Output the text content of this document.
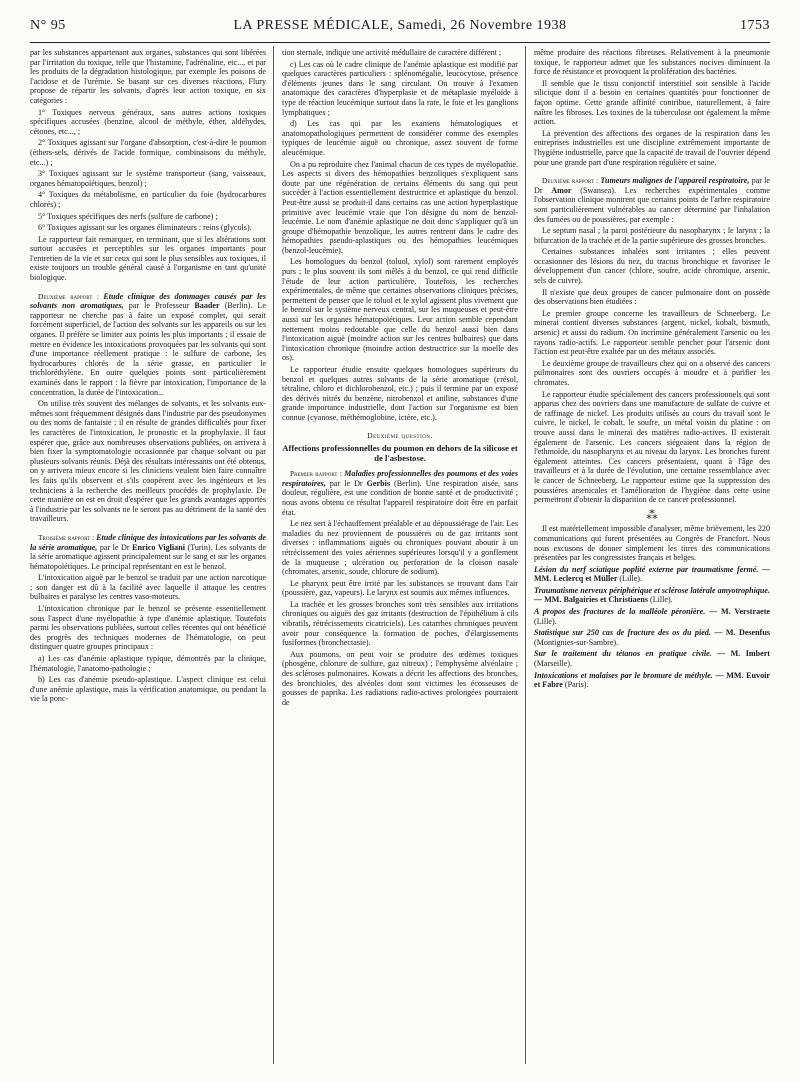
N° 95	LA PRESSE MÉDICALE, Samedi, 26 Novembre 1938	1753

par les substances appartenant aux organes, substances qui sont libérées par l'irritation du toxique, telle que l'histamine, l'adrénaline, etc..., et par les produits de la dégradation histologique, par exemple les poisons de l'acidose et de l'urémie. Se basant sur ces diverses réactions, Flury propose de répartir les solvants, d'après leur action toxique, en six catégories :

1° Toxiques nerveux généraux, sans autres actions toxiques spécifiques accusées (benzine, alcool de méthyle, éther, aldéhydes, cétones, etc..., ;

2° Toxiques agissant sur l'organe d'absorption, c'est-à-dire le poumon (éthers-sels, dérivés de l'acide formique, combinaisons du méthyle, etc...) ;

3° Toxiques agissant sur le système transporteur (sang, vaisseaux, organes hématopoïétiques, benzol) ;

4° Toxiques du métabolisme, en particulier du foie (hydrocarbures chlorés) ;

5° Toxiques spécifiques des nerfs (sulfure de carbone) ;

6° Toxiques agissant sur les organes éliminateurs : reins (glycols).

Le rapporteur fait remarquer, en terminant, que si les altérations sont surtout accusées et perceptibles sur les organes importants pour l'entretien de la vie et sur ceux qui sont le plus sensibles aux toxiques, il existe toujours un trouble général causé à l'organisme en tant qu'unité biologique.

Deuxième rapport : Etude clinique des dommages causés par les solvants non aromatiques, par le Professeur Baader (Berlin). Le rapporteur ne cherche pas à faire un exposé complet, qui serait forcément superficiel, de l'action des solvants sur les appareils ou sur les organes. Il préfère se limiter aux points les plus importants ; il essaie de mettre en évidence les intoxications provoquées par les solvants qui sont d'une importance réellement pratique : le sulfure de carbone, les hydrocarbures chlorés de la série grasse, en particulier le trichloréthylène. En outre quelques points sont particulièrement examinés dans le rapport : la fièvre par intoxication, l'importance de la concentration, la durée de l'intoxication...

On utilise très souvent des mélanges de solvants, et les solvants eux-mêmes sont fréquemment désignés dans l'industrie par des pseudonymes ou des noms de fantaisie ; il en résulte de grandes difficultés pour fixer les caractères de l'intoxication, le pronostic et la prophylaxie. Il faut espérer que, grâce aux nombreuses observations publiées, on arrivera à bien fixer la symptomatologie occasionnée par chaque solvant ou par plusieurs solvants réunis. Déjà des résultats intéressants ont été obtenus, on y arrivera mieux encore si les cliniciens veulent bien faire connaître les faits qu'ils observent et s'ils coopèrent avec les ingénieurs et les techniciens à la recherche des meilleurs procédés de prophylaxie. De cette manière on est en droit d'espérer que les grands avantages apportés à l'industrie par les solvants ne le seront pas au détriment de la santé des travailleurs.

Troisième rapport : Etude clinique des intoxications par les solvants de la série aromatique, par le Dr Enrico Vigliani (Turin). Les solvants de la série aromatique agissent principalement sur le sang et sur les organes hématopoïétiques. Le principal représentant en est le benzol.

L'intoxication aiguë par le benzol se traduit par une action narcotique ; son danger est dû à la facilité avec laquelle il attaque les centres bulbaires et paralyse les centres vaso-moteurs.

L'intoxication chronique par le benzol se présente essentiellement sous l'aspect d'une myélopathie à type d'anémie aplastique. Toutefois parmi les observations publiées, surtout celles récentes qui ont bénéficié des progrès des techniques modernes de l'hématologie, on peut distinguer quatre groupes principaux :

a) Les cas d'anémie aplastique typique, démontrés par la clinique, l'hématologie, l'anatomo-pathologie ;

b) Les cas d'anémie pseudo-aplastique. L'aspect clinique est celui d'une anémie aplastique, mais la vérification anatomique, ou pendant la vie la ponc-

tion sternale, indique une activité médullaire de caractère différent ;

c) Les cas où le cadre clinique de l'anémie aplastique est modifié par quelques caractères particuliers : splénomégalie, leucocytose, présence d'éléments jeunes dans le sang circulant. On trouve à l'examen anatomique des caractères d'hyperplasie et de métaplasie myéloïde à type de réaction leucémique surtout dans la rate, le foie et les ganglions lymphatiques ;

d) Les cas qui par les examens hématologiques et anatomopathologiques permettent de considérer comme des exemples typiques de leucémie aiguë ou chronique, assez souvent de forme aleucémique.

On a pu reproduire chez l'animal chacun de ces types de myélopathie. Les aspects si divers des hémopathies benzoliques s'expliquent sans doute par une régénération de certains éléments du sang qui peut succéder à l'action essentiellement destructrice et aplastique du benzol. Peut-être aussi se produit-il dans certains cas une action hyperplastique primitive avec leucémie vraie que l'on désigne du nom de benzol-leucémie. Le nom d'anémie aplastique ne doit donc s'appliquer qu'à un groupe d'hémopathie benzolique, les autres rentrent dans le cadre des hémopathies pseudo-aplastiques ou des hémopathies leucémiques (benzol-leucémie).

Les homologues du benzol (toluol, xylol) sont rarement employés purs ; le plus souvent ils sont mêlés à du benzol, ce qui rend difficile l'étude de leur action particulière. Toutefois, les recherches expérimentales, de même que certaines observations cliniques précises, permettent de penser que le toluol et le xylol agissent plus vivement que le benzol sur le système nerveux central, sur les muqueuses et peut-être aussi sur les organes hématopoïétiques. Leur action semble cependant nettement moins redoutable que celle du benzol aussi bien dans l'intoxication aiguë (moindre action sur les centres bulbaires) que dans l'intoxication chronique (moindre action destructrice sur la moelle des os).

Le rapporteur étudie ensuite quelques homologues supérieurs du benzol et quelques autres solvants de la série aromatique (crésol, tétraline, chloro et dichlorobenzol, etc.) ; puis il termine par un exposé des dérivés nitrés du benzène, nitrobenzol et aniline, substances d'une grande importance industrielle, dont l'action sur l'organisme est bien connue (cyanose, méthémoglobine, ictère, etc.).

Deuxième question.
Affections professionnelles du poumon en dehors de la silicose et de l'asbestose.

Premier rapport : Maladies professionnelles des poumons et des voies respiratoires, par le Dr Gerbis (Berlin). Une respiration aisée, sans douleur, régulière, est une condition de bonne santé et de productivité ; nous avons obtenu ce résultat l'appareil respiratoire doit être en parfait état.

Le nez sert à l'échauffement préalable et au dépoussiérage de l'air. Les maladies du nez proviennent de poussières ou de gaz irritants sont diverses : inflammations aiguës ou chroniques pouvant aboutir à un rétrécissement des voies aériennes supérieures lorsqu'il y a gonflement de la muqueuse ; ulcération ou perforation de la cloison nasale (chromates, arsenic, soude, chlorure de sodium).

Le pharynx peut être irrité par les substances se trouvant dans l'air (poussière, gaz, vapeurs). Le larynx est soumis aux mêmes influences.

La trachée et les grosses bronches sont très sensibles aux irritations chroniques ou aiguës des gaz irritants (destruction de l'épithélium à cils vibratils, rétrécissements cicatriciels). Les catarrhes chroniques peuvent avoir pour conséquence la formation de poches, d'élargissements fusiformes (bronchectasie).

Aux poumons, on peut voir se produire des œdèmes toxiques (phosgène, chlorure de sulfure, gaz nitreux) ; l'emphysème alvéolaire ; des scléroses pulmonaires. Kowats a décrit les affections des bronches, des bronchioles, des alvéoles dont sont victimes les écosseuses de gousses de paprika. Les radiations radio-actives prolongées pourraient de

même produire des réactions fibreuses. Relativement à la pneumonie toxique, le rapporteur admet que les substances nocives diminuent la force de résistance et provoquent la prolifération des bactéries.

Il semble que le tissu conjonctif interstitiel soit sensible à l'acide silicique dont il a besoin en certaines quantités pour fonctionner de façon optime. Cette grande affinité contribue, naturellement, à faire naître les fibroses. Les toxines de la tuberculose ont également la même action.

La prévention des affections des organes de la respiration dans les entreprises industrielles est une discipline extrêmement importante de l'hygiène industrielle, parce que la capacité de travail de l'ouvrier dépend pour une grande part d'une respiration régulière et saine.

Deuxième rapport : Tumeurs malignes de l'appareil respiratoire, par le Dr Amor (Swansea). Les recherches expérimentales comme l'observation clinique montrent que certains points de l'arbre respiratoire sont particulièrement vulnérables au cancer déterminé par l'inhalation des fumées ou de poussières, par exemple :

Le septum nasal ; la paroi postérieure du nasopharynx ; le larynx ; la bifurcation de la trachée et de la partie supérieure des grosses bronches.

Certaines substances inhalées sont irritantes ; elles peuvent occasionner des lésions du nez, du tractus bronchique et favoriser le développement d'un cancer (chlore, soufre, acide chromique, arsenic, sels de cuivre).

Il n'existe que deux groupes de cancer pulmonaire dont on possède des observations bien étudiées :

Le premier groupe concerne les travailleurs de Schneeberg. Le minerai contient diverses substances (argent, nickel, kobalt, bismuth, arsenic) et aussi du radium. On incrimine généralement l'arsenic ou les rayons radio-actifs. Le rapporteur semble pencher pour l'arsenic dont l'action est peut-être exaltée par un des métaux associés.

Le deuxième groupe de travailleurs chez qui on a observé des cancers pulmonaires sont des ouvriers occupés à moudre et à purifier les chromates.

Le rapporteur étudie spécialement des cancers professionnels qui sont apparus chez des ouvriers dans une manufacture de sulfate de cuivre et de raffinage de nickel. Les produits utilisés au cours du travail sont le cuivre, le nickel, le cobalt, le soufre, un métal voisin du platine : on trouve aussi dans le minerai des matières radio-actives. Il existerait également de l'arsenic. Les cancers siégeaient dans la région de l'ethmoïde, du nasopharynx et au niveau du larynx. Les bronches furent également atteintes. Ces cancers présentaient, quant à l'âge des travailleurs et à la durée de l'évolution, une certaine ressemblance avec le cancer de Schneeberg. Le rapporteur estime que la suppression des poussières arsenicales et l'amélioration de l'hygiène dans cette usine permettront d'obtenir la disparition de ce cancer professionnel.

⁂

Il est matériellement impossible d'analyser, même brièvement, les 220 communications qui furent présentées au Congrès de Francfort. Nous nous excusons de donner simplement les titres des communications présentées par les congressistes français et belges.

Lésion du nerf sciatique poplité externe par traumatisme fermé. — MM. Leclercq et Müller (Lille).

Traumatisme nerveux périphérique et sclérose latérale amyotrophique. — MM. Balgairies et Christiaens (Lille).

A propos des fractures de la malléole péronière. — M. Verstraete (Lille).

Statistique sur 250 cas de fracture des os du pied. — M. Desenfus (Montignies-sur-Sambre).

Sur le traitement du tétanos en pratique civile. — M. Imbert (Marseille).

Intoxications et malaises par le bromure de méthyle. — MM. Euvoir et Fabre (Paris).
